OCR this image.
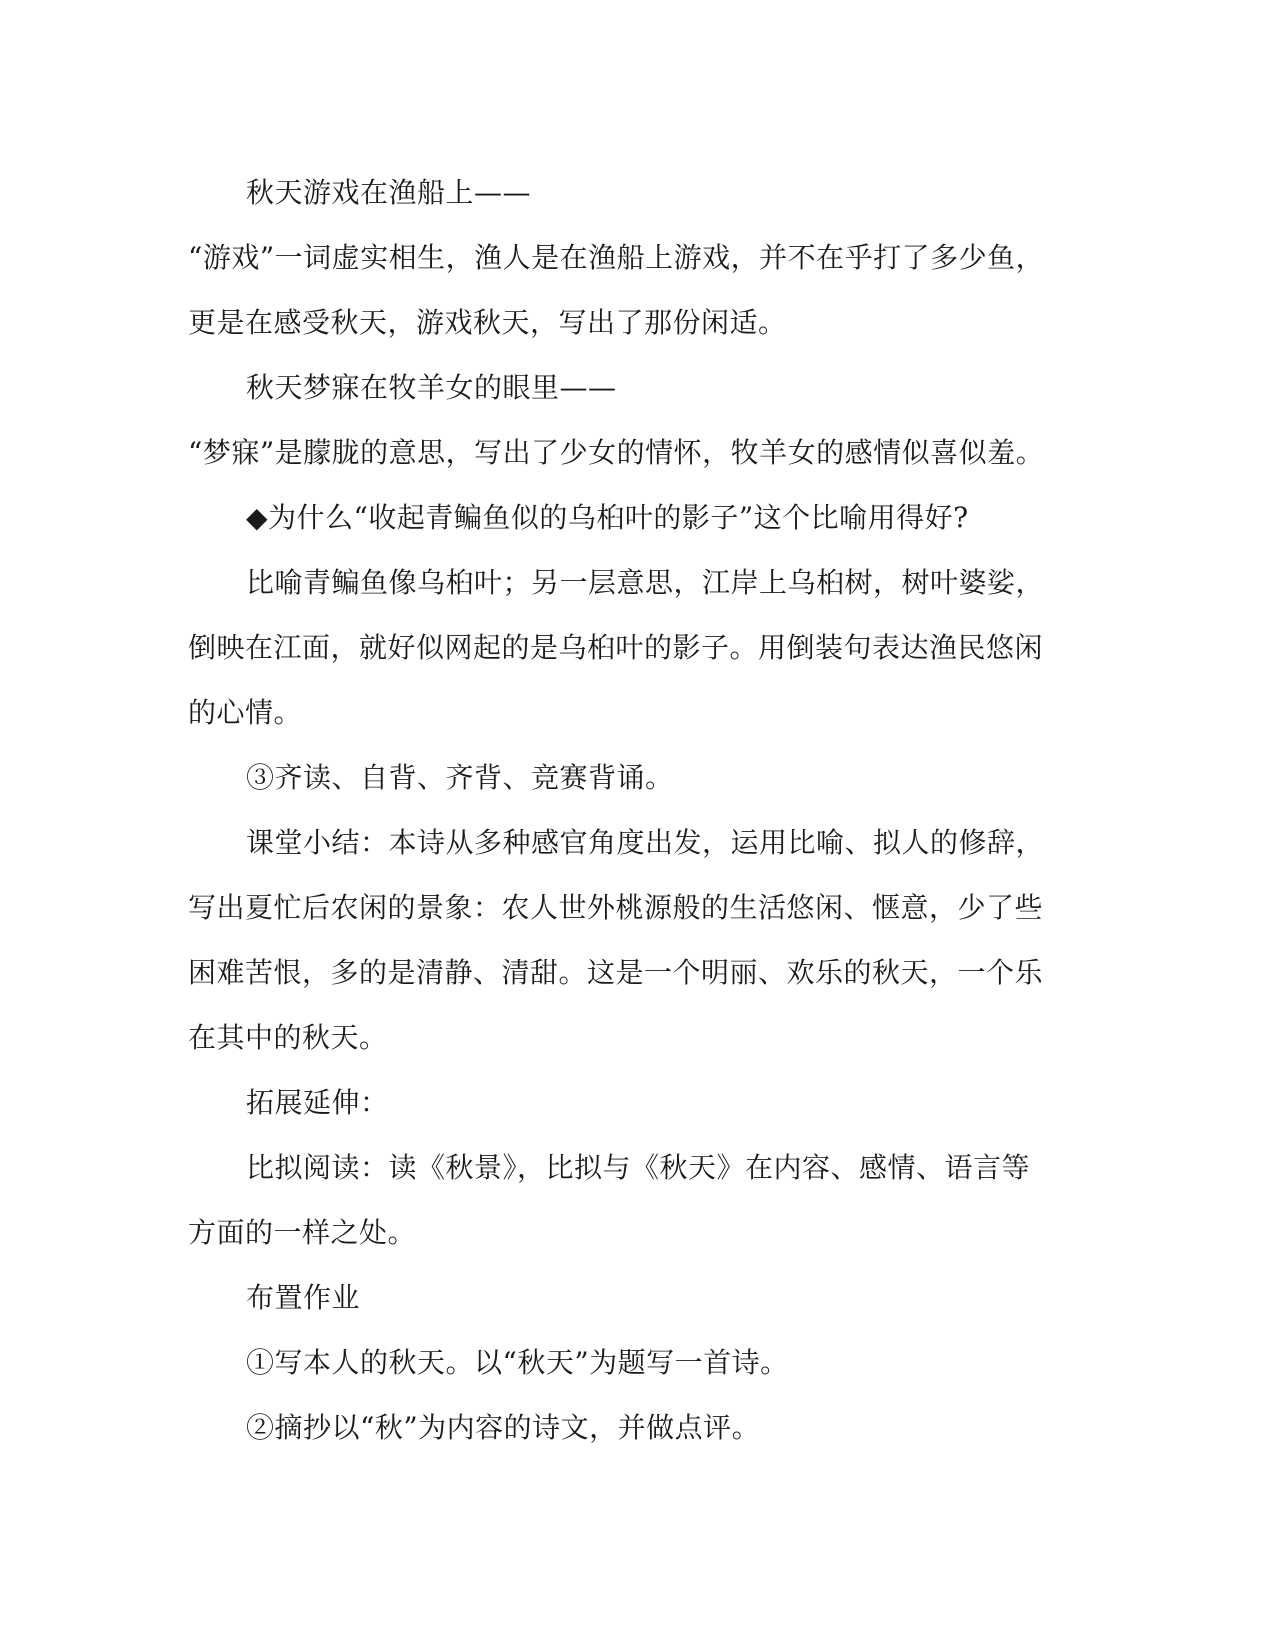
秋天游戏在渔船上——

“游戏”一词虚实相生，渔人是在渔船上游戏，并不在乎打了多少鱼，

更是在感受秋天，游戏秋天，写出了那份闲适。

秋天梦寐在牧羊女的眼里——

“梦寐”是朦胧的意思，写出了少女的情怀，牧羊女的感情似喜似羞。

◆为什么“收起青鳊鱼似的乌桕叶的影子”这个比喻用得好?

比喻青鳊鱼像乌桕叶；另一层意思，江岸上乌桕树，树叶婆娑，

倒映在江面，就好似网起的是乌桕叶的影子。用倒装句表达渔民悠闲

的心情。

③齐读、自背、齐背、竞赛背诵。

课堂小结：本诗从多种感官角度出发，运用比喻、拟人的修辞，

写出夏忙后农闲的景象：农人世外桃源般的生活悠闲、惬意，少了些

困难苦恨，多的是清静、清甜。这是一个明丽、欢乐的秋天，一个乐

在其中的秋天。

拓展延伸：

比拟阅读：读《秋景》，比拟与《秋天》在内容、感情、语言等

方面的一样之处。

布置作业

①写本人的秋天。以“秋天”为题写一首诗。

②摘抄以“秋”为内容的诗文，并做点评。
